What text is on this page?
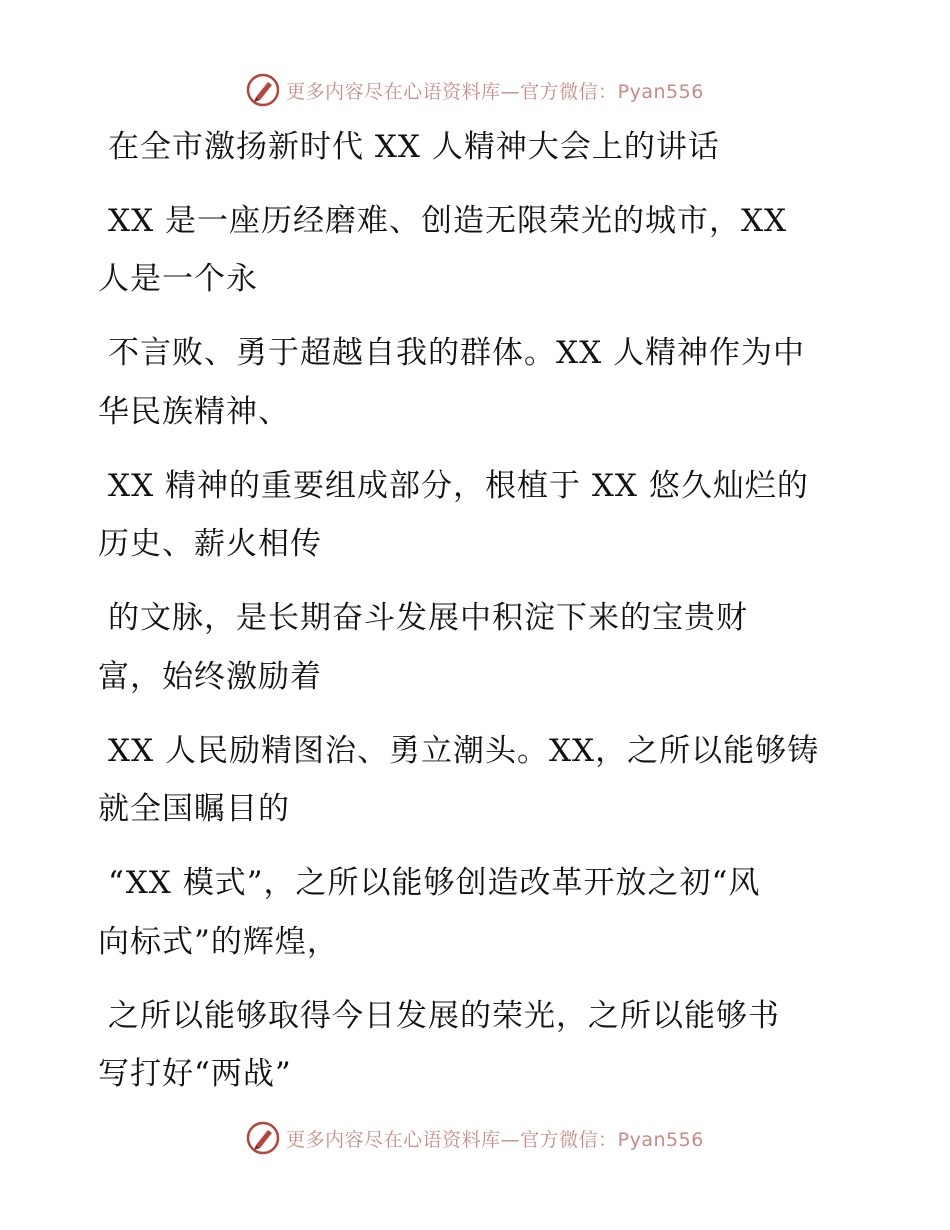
更多内容尽在心语资料库—官方微信：Pyan556
在全市激扬新时代 XX 人精神大会上的讲话
XX 是一座历经磨难、创造无限荣光的城市，XX
人是一个永
不言败、勇于超越自我的群体。XX 人精神作为中
华民族精神、
XX 精神的重要组成部分，根植于 XX 悠久灿烂的
历史、薪火相传
的文脉，是长期奋斗发展中积淀下来的宝贵财
富，始终激励着
XX 人民励精图治、勇立潮头。XX，之所以能够铸
就全国瞩目的
“XX 模式”，之所以能够创造改革开放之初“风
向标式”的辉煌，
之所以能够取得今日发展的荣光，之所以能够书
写打好“两战”
更多内容尽在心语资料库—官方微信：Pyan556
